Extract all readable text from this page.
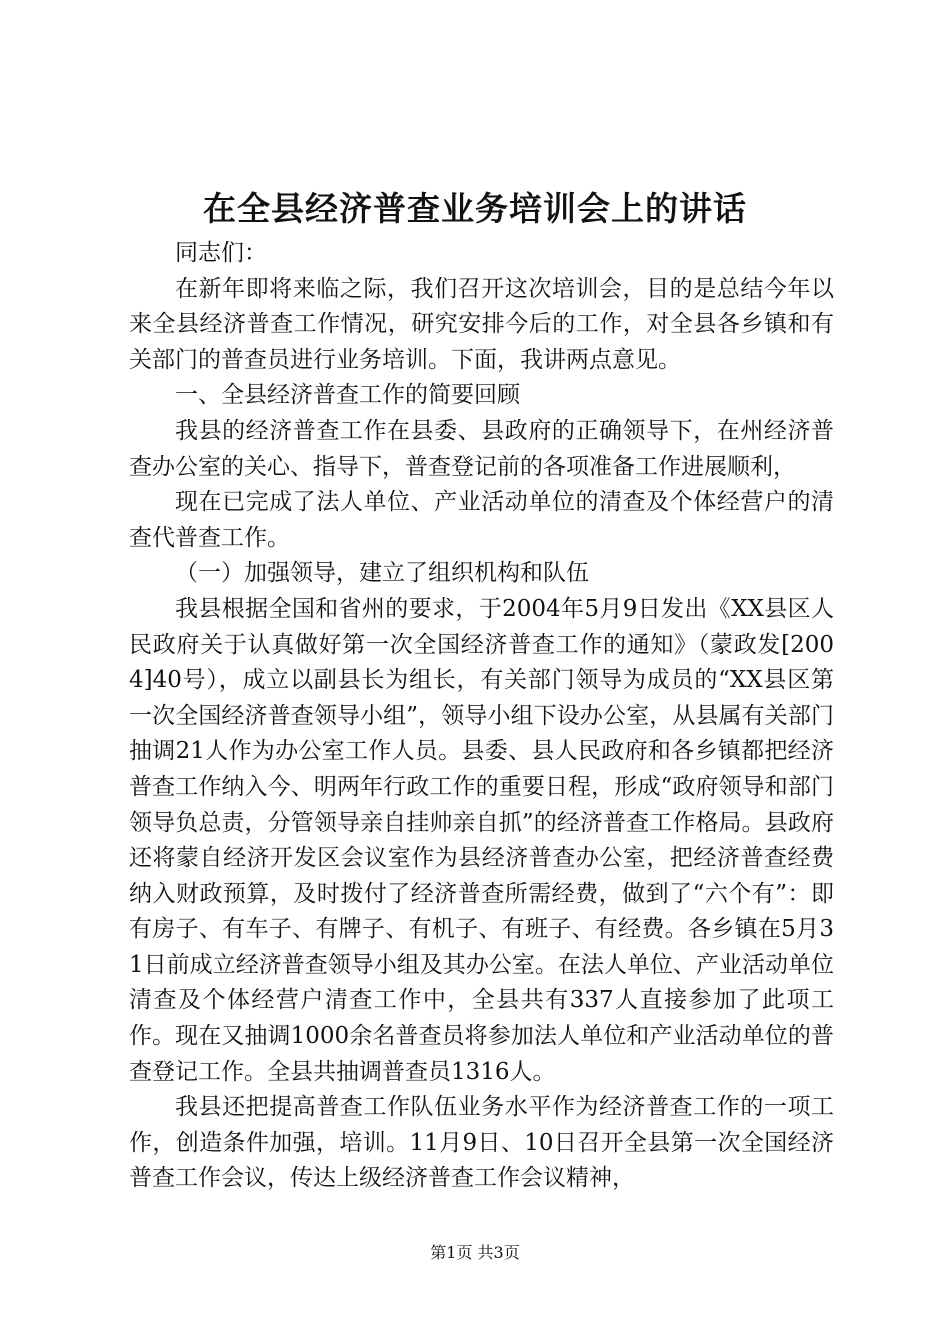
在全县经济普查业务培训会上的讲话

同志们：

在新年即将来临之际，我们召开这次培训会，目的是总结今年以来全县经济普查工作情况，研究安排今后的工作，对全县各乡镇和有关部门的普查员进行业务培训。下面，我讲两点意见。

一、全县经济普查工作的简要回顾

我县的经济普查工作在县委、县政府的正确领导下，在州经济普查办公室的关心、指导下，普查登记前的各项准备工作进展顺利，

现在已完成了法人单位、产业活动单位的清查及个体经营户的清查代普查工作。

（一）加强领导，建立了组织机构和队伍

我县根据全国和省州的要求，于2004年5月9日发出《XX县区人民政府关于认真做好第一次全国经济普查工作的通知》（蒙政发[2004]40号），成立以副县长为组长，有关部门领导为成员的“XX县区第一次全国经济普查领导小组”，领导小组下设办公室，从县属有关部门抽调21人作为办公室工作人员。县委、县人民政府和各乡镇都把经济普查工作纳入今、明两年行政工作的重要日程，形成“政府领导和部门领导负总责，分管领导亲自挂帅亲自抓”的经济普查工作格局。县政府还将蒙自经济开发区会议室作为县经济普查办公室，把经济普查经费纳入财政预算，及时拨付了经济普查所需经费，做到了“六个有”：即有房子、有车子、有牌子、有机子、有班子、有经费。各乡镇在5月31日前成立经济普查领导小组及其办公室。在法人单位、产业活动单位清查及个体经营户清查工作中，全县共有337人直接参加了此项工作。现在又抽调1000余名普查员将参加法人单位和产业活动单位的普查登记工作。全县共抽调普查员1316人。

我县还把提高普查工作队伍业务水平作为经济普查工作的一项工作，创造条件加强，培训。11月9日、10日召开全县第一次全国经济普查工作会议，传达上级经济普查工作会议精神，

第1页 共3页
